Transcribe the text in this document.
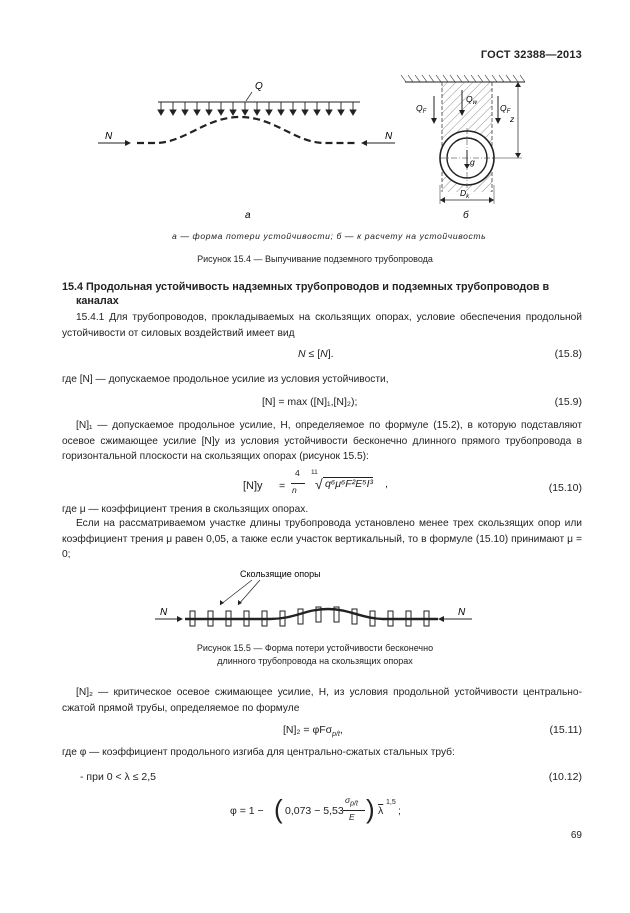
ГОСТ 32388—2013
Q
N	N
а
g
$Q_w$
$Q_F$	$Q_F$
z
$D_k$
б
а — форма потери устойчивости; б — к расчету на устойчивость
Рисунок 15.4 — Выпучивание подземного трубопровода
15.4 Продольная устойчивость надземных трубопроводов и подземных трубопроводов в
каналах
15.4.1 Для трубопроводов, прокладываемых на скользящих опорах, условие обеспечения продольной устойчивости от силовых воздействий имеет вид
N ≤ [N].	(15.8)
где [N] — допускаемое продольное усилие из условия устойчивости,
[N] = max ([N]₁,[N]₂);	(15.9)
[N]₁ — допускаемое продольное усилие, Н, определяемое по формуле (15.2), в которую подставляют осевое сжимающее усилие [N]у из условия устойчивости бесконечно длинного прямого трубопровода в горизонтальной плоскости на скользящих опорах (рисунок 15.5):
[N]у =
4
n
11
√ q⁶μ⁶F²E⁵I³ ,	(15.10)
где μ — коэффициент трения в скользящих опорах.
Если на рассматриваемом участке длины трубопровода установлено менее трех скользящих опор или коэффициент трения μ равен 0,05, а также если участок вертикальный, то в формуле (15.10) принимают μ = 0;
Скользящие опоры
N	N
Рисунок 15.5 — Форма потери устойчивости бесконечно
длинного трубопровода на скользящих опорах
[N]₂ — критическое осевое сжимающее усилие, Н, из условия продольной устойчивости центрально-сжатой прямой трубы, определяемое по формуле
[N]₂ = φFσ$_{p/t}$,	(15.11)
где φ — коэффициент продольного изгиба для центрально-сжатых стальных труб:
- при 0 < λ ≤ 2,5	(10.12)
φ = 1 − ( 0,073 − 5,53
$\sigma_{p/t}$
E ) $\overline{\lambda}$
1,5
;
69
